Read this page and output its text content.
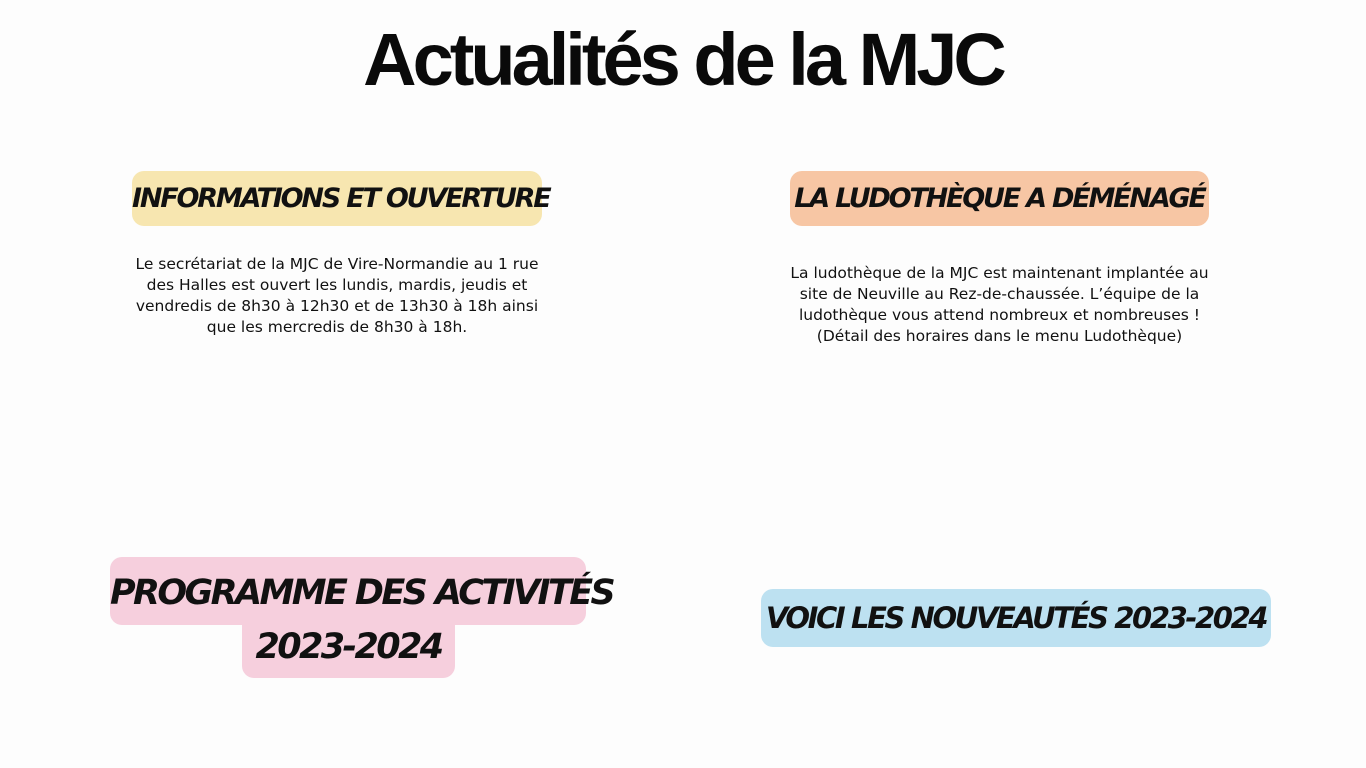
Actualités de la MJC
INFORMATIONS ET OUVERTURE

Le secrétariat de la MJC de Vire-Normandie au 1 rue des Halles est ouvert les lundis, mardis, jeudis et vendredis de 8h30 à 12h30 et de 13h30 à 18h ainsi que les mercredis de 8h30 à 18h.

LA LUDOTHÈQUE A DÉMÉNAGÉ

La ludothèque de la MJC est maintenant implantée au site de Neuville au Rez-de-chaussée. L’équipe de la ludothèque vous attend nombreux et nombreuses ! (Détail des horaires dans le menu Ludothèque)

PROGRAMME DES ACTIVITÉS
2023-2024
VOICI LES NOUVEAUTÉS 2023-2024
